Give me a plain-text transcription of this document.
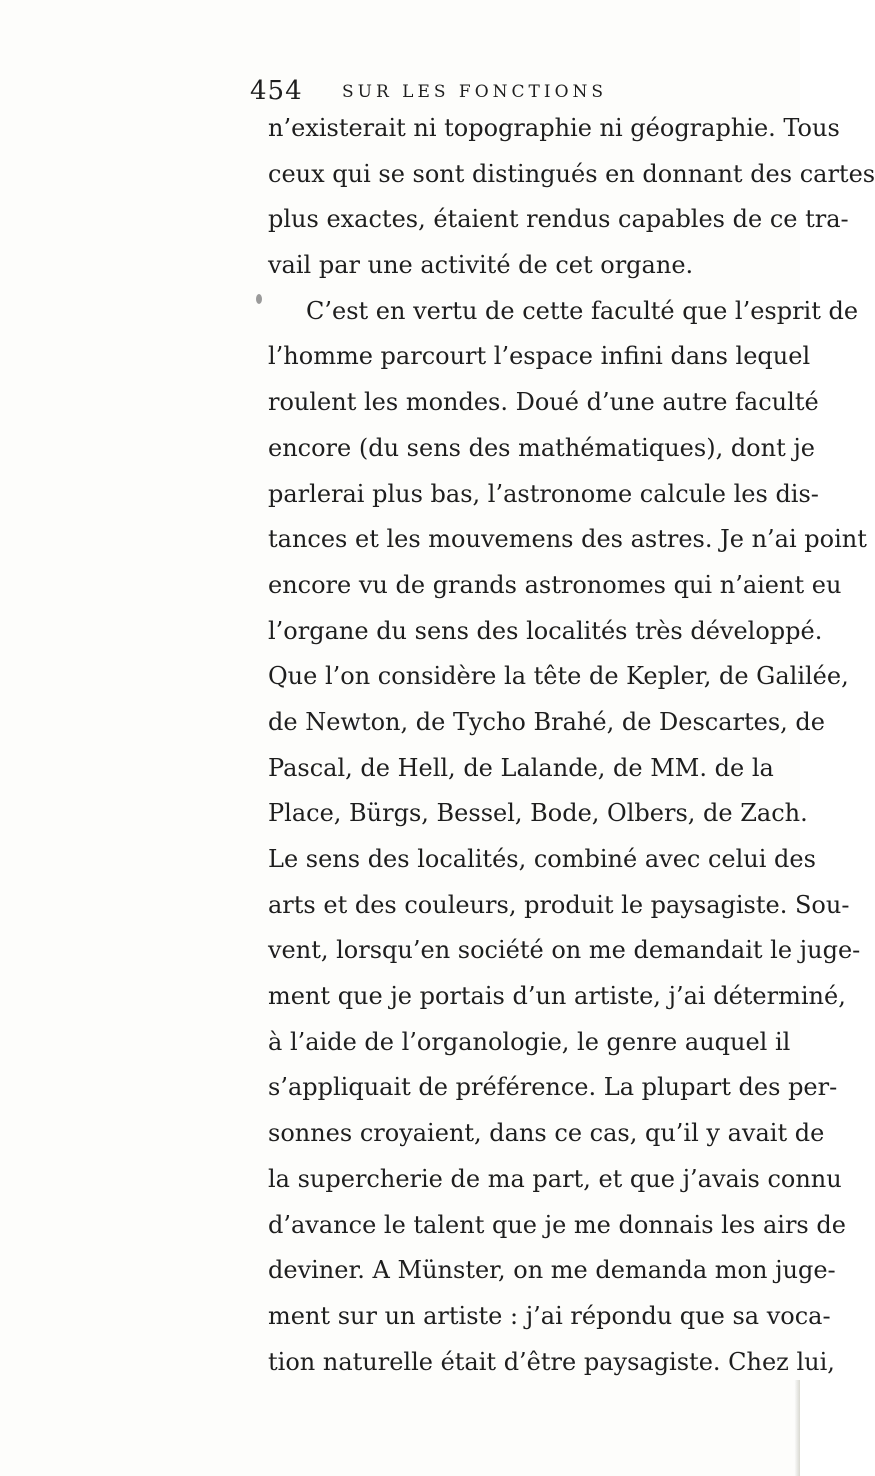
454 SUR LES FONCTIONS
n’existerait ni topographie ni géographie. Tous
ceux qui se sont distingués en donnant des cartes
plus exactes, étaient rendus capables de ce tra-
vail par une activité de cet organe.
C’est en vertu de cette faculté que l’esprit de
l’homme parcourt l’espace infini dans lequel
roulent les mondes. Doué d’une autre faculté
encore (du sens des mathématiques), dont je
parlerai plus bas, l’astronome calcule les dis-
tances et les mouvemens des astres. Je n’ai point
encore vu de grands astronomes qui n’aient eu
l’organe du sens des localités très développé.
Que l’on considère la tête de Kepler, de Galilée,
de Newton, de Tycho Brahé, de Descartes, de
Pascal, de Hell, de Lalande, de MM. de la
Place, Bürgs, Bessel, Bode, Olbers, de Zach.
Le sens des localités, combiné avec celui des
arts et des couleurs, produit le paysagiste. Sou-
vent, lorsqu’en société on me demandait le juge-
ment que je portais d’un artiste, j’ai déterminé,
à l’aide de l’organologie, le genre auquel il
s’appliquait de préférence. La plupart des per-
sonnes croyaient, dans ce cas, qu’il y avait de
la supercherie de ma part, et que j’avais connu
d’avance le talent que je me donnais les airs de
deviner. A Münster, on me demanda mon juge-
ment sur un artiste : j’ai répondu que sa voca-
tion naturelle était d’être paysagiste. Chez lui,
